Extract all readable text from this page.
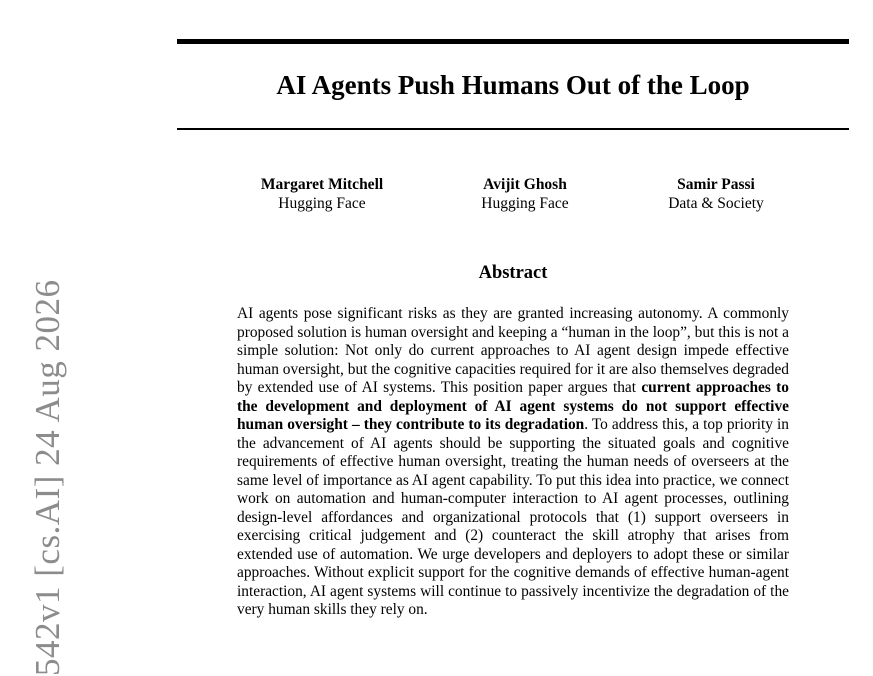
542v1 [cs.AI] 24 Aug 2026
AI Agents Push Humans Out of the Loop
Margaret Mitchell
Hugging Face
Avijit Ghosh
Hugging Face
Samir Passi
Data & Society
Abstract

AI agents pose significant risks as they are granted increasing autonomy. A commonly proposed solution is human oversight and keeping a “human in the loop”, but this is not a simple solution: Not only do current approaches to AI agent design impede effective human oversight, but the cognitive capacities required for it are also themselves degraded by extended use of AI systems. This position paper argues that current approaches to the development and deployment of AI agent systems do not support effective human oversight – they contribute to its degradation. To address this, a top priority in the advancement of AI agents should be supporting the situated goals and cognitive requirements of effective human oversight, treating the human needs of overseers at the same level of importance as AI agent capability. To put this idea into practice, we connect work on automation and human-computer interaction to AI agent processes, outlining design-level affordances and organizational protocols that (1) support overseers in exercising critical judgement and (2) counteract the skill atrophy that arises from extended use of automation. We urge developers and deployers to adopt these or similar approaches. Without explicit support for the cognitive demands of effective human-agent interaction, AI agent systems will continue to passively incentivize the degradation of the very human skills they rely on.
